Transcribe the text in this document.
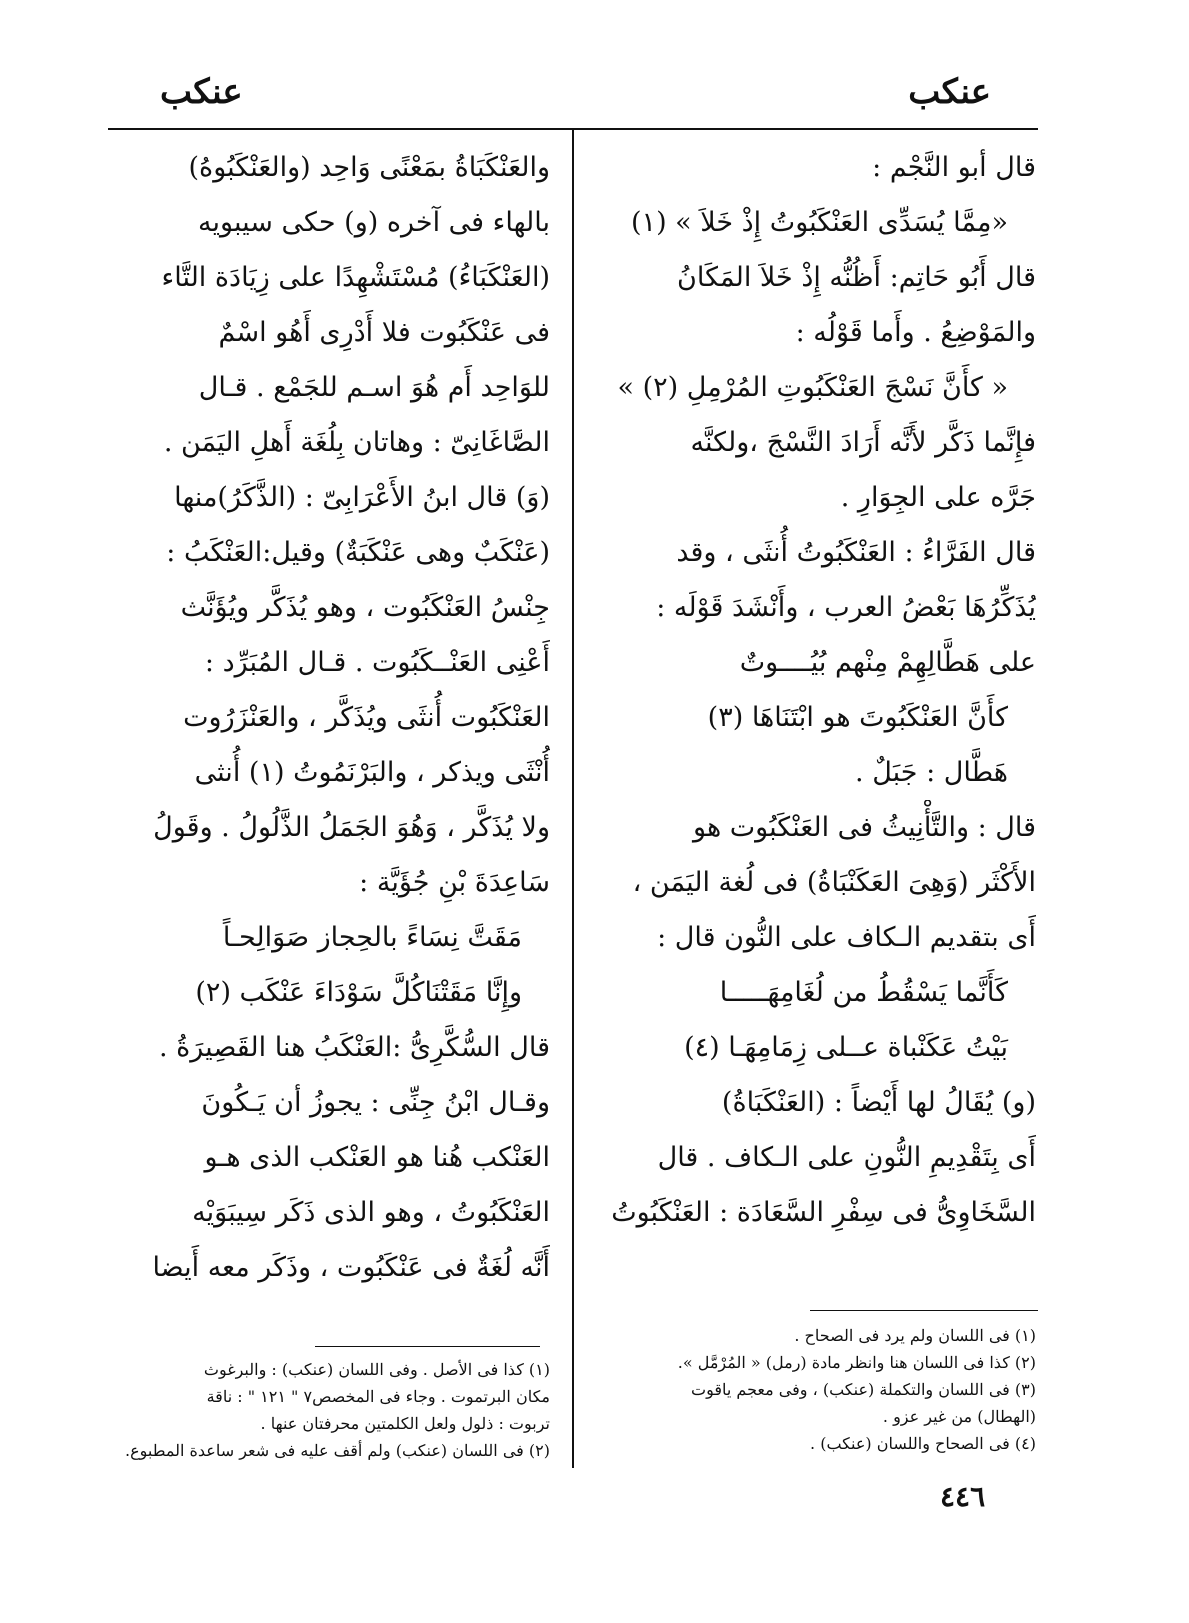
عنكب
عنكب

قال أبو النَّجْم :

«مِمَّا يُسَدِّى العَنْكَبُوتُ إِذْ خَلاَ » (١)

قال أَبُو حَاتِم: أَظُنُّه إِذْ خَلاَ المَكَانُ

والمَوْضِعُ . وأَما قَوْلُه :

« كأَنَّ نَسْجَ العَنْكَبُوتِ المُرْمِلِ (٢) »

فإِنَّما ذَكَّر لأَنَّه أَرَادَ النَّسْجَ ،ولكنَّه

جَرَّه على الجِوَارِ .

قال الفَرَّاءُ : العَنْكَبُوتُ أُنثَى ، وقد

يُذَكِّرُهَا بَعْضُ العرب ، وأَنْشَدَ قَوْلَه :

على هَطَّالِهِمْ مِنْهم بُيُــــوتٌ

كأَنَّ العَنْكَبُوتَ هو ابْتَنَاهَا (٣)

هَطَّال : جَبَلٌ .

قال : والتَّأْنِيثُ فى العَنْكَبُوت هو

الأَكْثَر (وَهِىَ العَكَنْبَاةُ) فى لُغة اليَمَن ،

أَى بتقديم الـكاف على النُّون قال :

كَأَنَّما يَسْقُطُ من لُغَامِهَـــــا

بَيْتُ عَكَنْباة عــلى زِمَامِهَـا (٤)

(و) يُقَالُ لها أَيْضاً : (العَنْكَبَاةُ)

أَى بِتَقْدِيمِ النُّونِ على الـكاف . قال

السَّخَاوِىُّ فى سِفْرِ السَّعَادَة : العَنْكَبُوتُ

والعَنْكَبَاةُ بمَعْنًى وَاحِد (والعَنْكَبُوهُ)

بالهاء فى آخره (و) حكى سيبويه

(العَنْكَبَاءُ) مُسْتَشْهِدًا على زِيَادَة التَّاء

فى عَنْكَبُوت فلا أَدْرِى أَهُو اسْمٌ

للوَاحِد أَم هُوَ اسـم للجَمْع . قـال

الصَّاغَانِىّ : وهاتان بِلُغَة أَهلِ اليَمَن .

(وَ) قال ابنُ الأَعْرَابِىّ : (الذَّكَرُ)منها

(عَنْكَبٌ وهى عَنْكَبَةٌ) وقيل:العَنْكَبُ :

جِنْسُ العَنْكَبُوت ، وهو يُذَكَّر ويُؤَنَّث

أَعْنِى العَنْــكَبُوت . قـال المُبَرِّد :

العَنْكَبُوت أُنثَى ويُذَكَّر ، والعَنْزَرُوت

أُنْثَى ويذكر ، والبَرْنَمُوتُ (١) أُنثى

ولا يُذَكَّر ، وَهُوَ الجَمَلُ الذَّلُولُ . وقَولُ

سَاعِدَةَ بْنِ جُؤَيَّة :

مَقَتَّ نِسَاءً بالحِجاز صَوَالِحـاً

وإِنَّا مَقَتْنَاكُلَّ سَوْدَاءَ عَنْكَب (٢)

قال السُّكَّرِىُّ :العَنْكَبُ هنا القَصِيرَةُ .

وقـال ابْنُ جِنِّى : يجوزُ أن يَـكُونَ

العَنْكب هُنا هو العَنْكب الذى هـو

العَنْكَبُوتُ ، وهو الذى ذَكَر سِيبَوَيْه

أَنَّه لُغَةٌ فى عَنْكَبُوت ، وذَكَر معه أَيضا

(١) فى اللسان ولم يرد فى الصحاح .

(٢) كذا فى اللسان هنا وانظر مادة (رمل) « المُرْمَّل ».

(٣) فى اللسان والتكملة (عنكب) ، وفى معجم ياقوت

(الهطال) من غير عزو .

(٤) فى الصحاح واللسان (عنكب) .

(١) كذا فى الأصل . وفى اللسان (عنكب) : والبرغوث

مكان البرتموت . وجاء فى المخصص٧ " ١٢١ " : ناقة

تربوت : ذلول ولعل الكلمتين محرفتان عنها .

(٢) فى اللسان (عنكب) ولم أقف عليه فى شعر ساعدة المطبوع.

٤٤٦
